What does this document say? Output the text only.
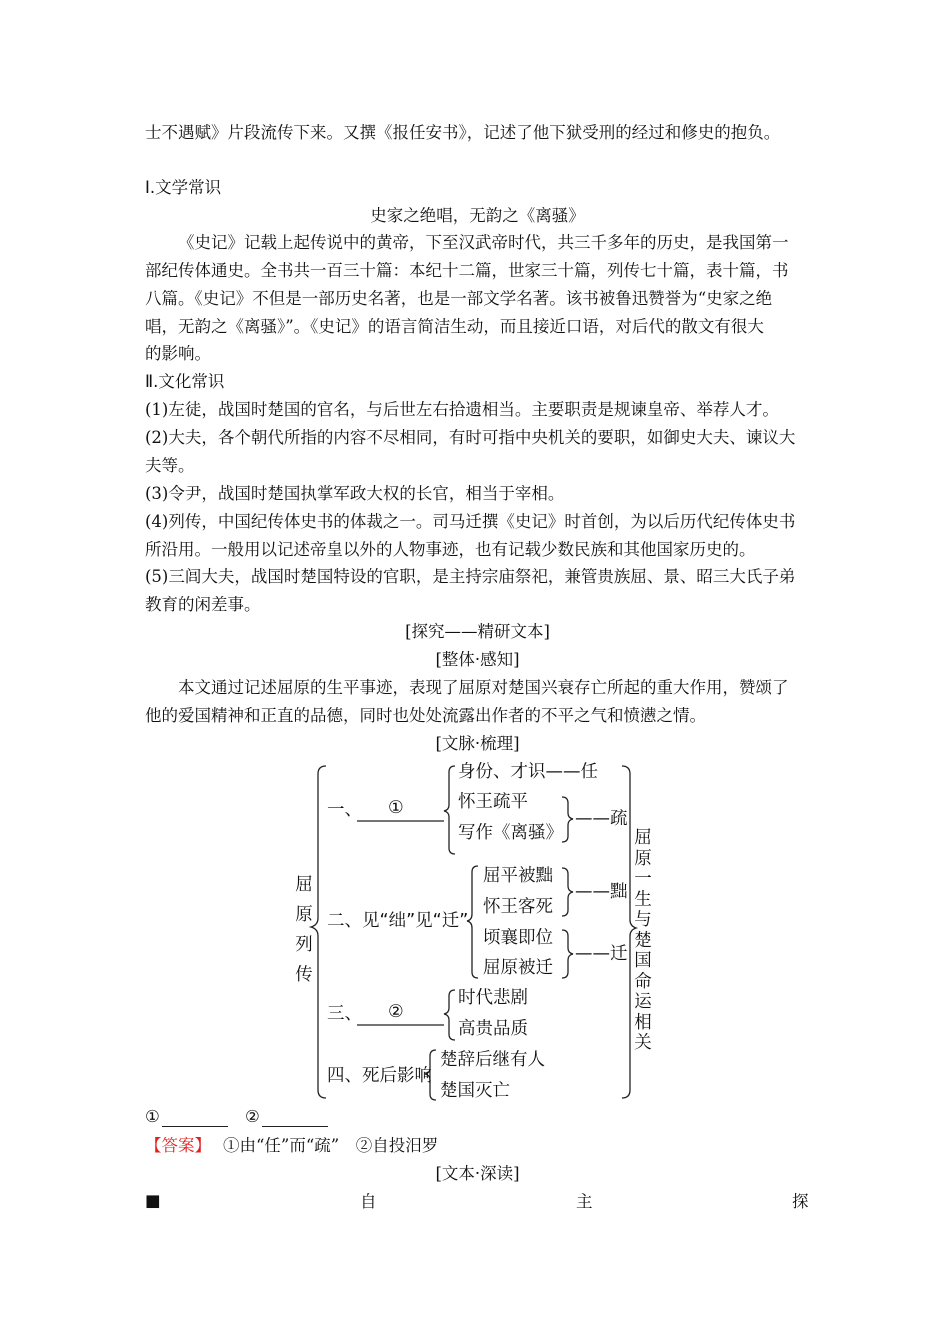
士不遇赋》片段流传下来。又撰《报任安书》，记述了他下狱受刑的经过和修史的抱负。
Ⅰ.文学常识
史家之绝唱，无韵之《离骚》
《史记》记载上起传说中的黄帝，下至汉武帝时代，共三千多年的历史，是我国第一
部纪传体通史。全书共一百三十篇：本纪十二篇，世家三十篇，列传七十篇，表十篇，书
八篇。《史记》不但是一部历史名著，也是一部文学名著。该书被鲁迅赞誉为“史家之绝
唱，无韵之《离骚》”。《史记》的语言简洁生动，而且接近口语，对后代的散文有很大
的影响。
Ⅱ.文化常识
(1)左徒，战国时楚国的官名，与后世左右拾遗相当。主要职责是规谏皇帝、举荐人才。
(2)大夫，各个朝代所指的内容不尽相同，有时可指中央机关的要职，如御史大夫、谏议大
夫等。
(3)令尹，战国时楚国执掌军政大权的长官，相当于宰相。
(4)列传，中国纪传体史书的体裁之一。司马迁撰《史记》时首创，为以后历代纪传体史书
所沿用。一般用以记述帝皇以外的人物事迹，也有记载少数民族和其他国家历史的。
(5)三闾大夫，战国时楚国特设的官职，是主持宗庙祭祀，兼管贵族屈、景、昭三大氏子弟
教育的闲差事。
[探究——精研文本]
[整体·感知]
本文通过记述屈原的生平事迹，表现了屈原对楚国兴衰存亡所起的重大作用，赞颂了
他的爱国精神和正直的品德，同时也处处流露出作者的不平之气和愤懑之情。
[文脉·梳理]
屈
原
列
传
屈
原
一
生
与
楚
国
命
运
相
关
一、 ①
身份、才识——任
怀王疏平
写作《离骚》
——疏
二、见“绌”见“迁”
屈平被黜
怀王客死
顷襄即位
屈原被迁
——黜
——迁
三、 ②
时代悲剧
高贵品质
四、死后影响
楚辞后继有人
楚国灭亡
①	②
【答案】 ①由“任”而“疏”　②自投汨罗
[文本·深读]
■	自	主	探
